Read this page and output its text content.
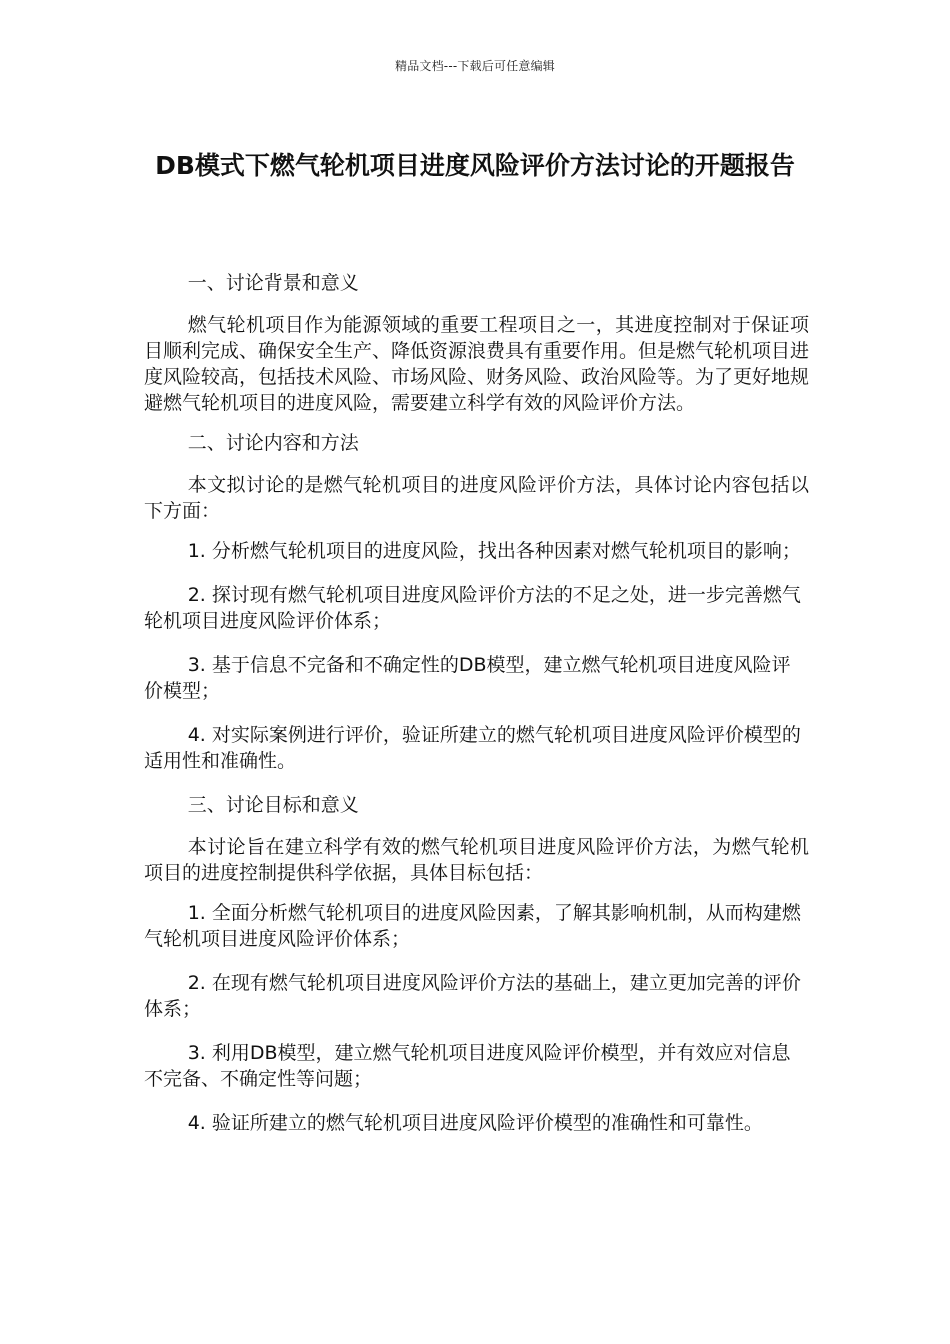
精品文档---下载后可任意编辑
DB模式下燃气轮机项目进度风险评价方法讨论的开题报告

一、讨论背景和意义

燃气轮机项目作为能源领域的重要工程项目之一，其进度控制对于保证项目顺利完成、确保安全生产、降低资源浪费具有重要作用。但是燃气轮机项目进度风险较高，包括技术风险、市场风险、财务风险、政治风险等。为了更好地规避燃气轮机项目的进度风险，需要建立科学有效的风险评价方法。

二、讨论内容和方法

本文拟讨论的是燃气轮机项目的进度风险评价方法，具体讨论内容包括以下方面：

1. 分析燃气轮机项目的进度风险，找出各种因素对燃气轮机项目的影响；

2. 探讨现有燃气轮机项目进度风险评价方法的不足之处，进一步完善燃气轮机项目进度风险评价体系；

3. 基于信息不完备和不确定性的DB模型，建立燃气轮机项目进度风险评价模型；

4. 对实际案例进行评价，验证所建立的燃气轮机项目进度风险评价模型的适用性和准确性。

三、讨论目标和意义

本讨论旨在建立科学有效的燃气轮机项目进度风险评价方法，为燃气轮机项目的进度控制提供科学依据，具体目标包括：

1. 全面分析燃气轮机项目的进度风险因素，了解其影响机制，从而构建燃气轮机项目进度风险评价体系；

2. 在现有燃气轮机项目进度风险评价方法的基础上，建立更加完善的评价体系；

3. 利用DB模型，建立燃气轮机项目进度风险评价模型，并有效应对信息不完备、不确定性等问题；

4. 验证所建立的燃气轮机项目进度风险评价模型的准确性和可靠性。
